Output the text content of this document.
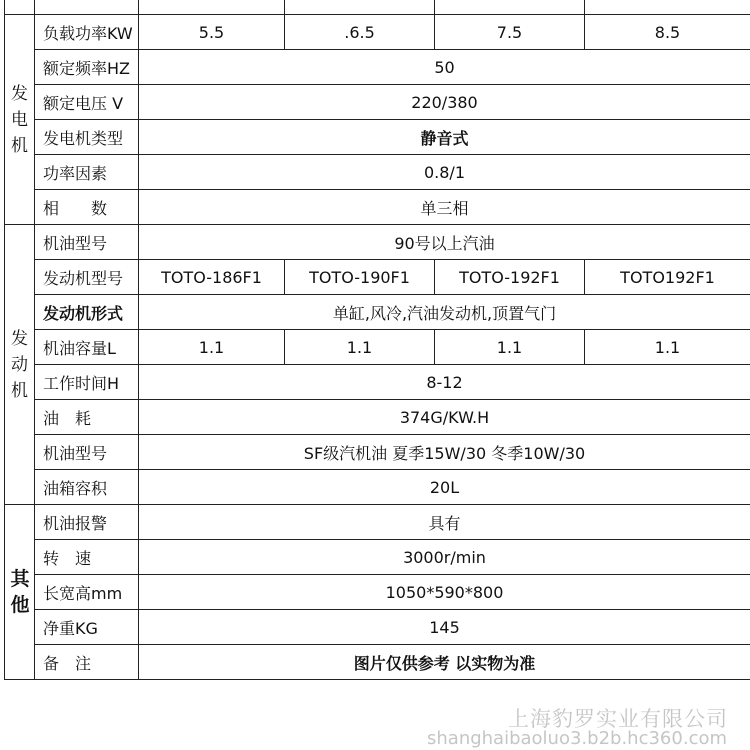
发电机	负载功率KW	5.5	.6.5	7.5	8.5
	额定频率HZ	50			
	额定电压 V	220/380			
	发电机类型	静音式			
	功率因素	0.8/1			
	相　　数	单三相			
发动机	机油型号	90号以上汽油			
	发动机型号	TOTO-186F1	TOTO-190F1	TOTO-192F1	TOTO192F1
	发动机形式	单缸,风冷,汽油发动机,顶置气门			
	机油容量L	1.1	1.1	1.1	1.1
	工作时间H	8-12			
	油　耗	374G/KW.H			
	机油型号	SF级汽机油 夏季15W/30 冬季10W/30			
	油箱容积	20L			
其他	机油报警	具有			
	转　速	3000r/min			
	长宽高mm	1050*590*800			
	净重KG	145			
	备　注	图片仅供参考 以实物为准			
上海豹罗实业有限公司
shanghaibaoluo3.b2b.hc360.com
